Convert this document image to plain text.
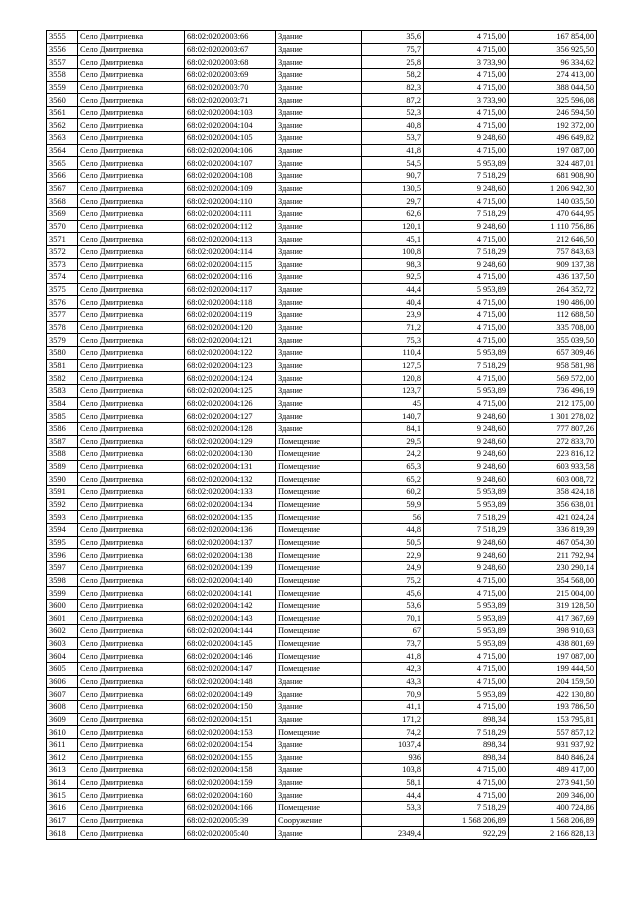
3555	Село Дмитриевка	68:02:0202003:66	Здание	35,6	4 715,00	167 854,00
3556	Село Дмитриевка	68:02:0202003:67	Здание	75,7	4 715,00	356 925,50
3557	Село Дмитриевка	68:02:0202003:68	Здание	25,8	3 733,90	96 334,62
3558	Село Дмитриевка	68:02:0202003:69	Здание	58,2	4 715,00	274 413,00
3559	Село Дмитриевка	68:02:0202003:70	Здание	82,3	4 715,00	388 044,50
3560	Село Дмитриевка	68:02:0202003:71	Здание	87,2	3 733,90	325 596,08
3561	Село Дмитриевка	68:02:0202004:103	Здание	52,3	4 715,00	246 594,50
3562	Село Дмитриевка	68:02:0202004:104	Здание	40,8	4 715,00	192 372,00
3563	Село Дмитриевка	68:02:0202004:105	Здание	53,7	9 248,60	496 649,82
3564	Село Дмитриевка	68:02:0202004:106	Здание	41,8	4 715,00	197 087,00
3565	Село Дмитриевка	68:02:0202004:107	Здание	54,5	5 953,89	324 487,01
3566	Село Дмитриевка	68:02:0202004:108	Здание	90,7	7 518,29	681 908,90
3567	Село Дмитриевка	68:02:0202004:109	Здание	130,5	9 248,60	1 206 942,30
3568	Село Дмитриевка	68:02:0202004:110	Здание	29,7	4 715,00	140 035,50
3569	Село Дмитриевка	68:02:0202004:111	Здание	62,6	7 518,29	470 644,95
3570	Село Дмитриевка	68:02:0202004:112	Здание	120,1	9 248,60	1 110 756,86
3571	Село Дмитриевка	68:02:0202004:113	Здание	45,1	4 715,00	212 646,50
3572	Село Дмитриевка	68:02:0202004:114	Здание	100,8	7 518,29	757 843,63
3573	Село Дмитриевка	68:02:0202004:115	Здание	98,3	9 248,60	909 137,38
3574	Село Дмитриевка	68:02:0202004:116	Здание	92,5	4 715,00	436 137,50
3575	Село Дмитриевка	68:02:0202004:117	Здание	44,4	5 953,89	264 352,72
3576	Село Дмитриевка	68:02:0202004:118	Здание	40,4	4 715,00	190 486,00
3577	Село Дмитриевка	68:02:0202004:119	Здание	23,9	4 715,00	112 688,50
3578	Село Дмитриевка	68:02:0202004:120	Здание	71,2	4 715,00	335 708,00
3579	Село Дмитриевка	68:02:0202004:121	Здание	75,3	4 715,00	355 039,50
3580	Село Дмитриевка	68:02:0202004:122	Здание	110,4	5 953,89	657 309,46
3581	Село Дмитриевка	68:02:0202004:123	Здание	127,5	7 518,29	958 581,98
3582	Село Дмитриевка	68:02:0202004:124	Здание	120,8	4 715,00	569 572,00
3583	Село Дмитриевка	68:02:0202004:125	Здание	123,7	5 953,89	736 496,19
3584	Село Дмитриевка	68:02:0202004:126	Здание	45	4 715,00	212 175,00
3585	Село Дмитриевка	68:02:0202004:127	Здание	140,7	9 248,60	1 301 278,02
3586	Село Дмитриевка	68:02:0202004:128	Здание	84,1	9 248,60	777 807,26
3587	Село Дмитриевка	68:02:0202004:129	Помещение	29,5	9 248,60	272 833,70
3588	Село Дмитриевка	68:02:0202004:130	Помещение	24,2	9 248,60	223 816,12
3589	Село Дмитриевка	68:02:0202004:131	Помещение	65,3	9 248,60	603 933,58
3590	Село Дмитриевка	68:02:0202004:132	Помещение	65,2	9 248,60	603 008,72
3591	Село Дмитриевка	68:02:0202004:133	Помещение	60,2	5 953,89	358 424,18
3592	Село Дмитриевка	68:02:0202004:134	Помещение	59,9	5 953,89	356 638,01
3593	Село Дмитриевка	68:02:0202004:135	Помещение	56	7 518,29	421 024,24
3594	Село Дмитриевка	68:02:0202004:136	Помещение	44,8	7 518,29	336 819,39
3595	Село Дмитриевка	68:02:0202004:137	Помещение	50,5	9 248,60	467 054,30
3596	Село Дмитриевка	68:02:0202004:138	Помещение	22,9	9 248,60	211 792,94
3597	Село Дмитриевка	68:02:0202004:139	Помещение	24,9	9 248,60	230 290,14
3598	Село Дмитриевка	68:02:0202004:140	Помещение	75,2	4 715,00	354 568,00
3599	Село Дмитриевка	68:02:0202004:141	Помещение	45,6	4 715,00	215 004,00
3600	Село Дмитриевка	68:02:0202004:142	Помещение	53,6	5 953,89	319 128,50
3601	Село Дмитриевка	68:02:0202004:143	Помещение	70,1	5 953,89	417 367,69
3602	Село Дмитриевка	68:02:0202004:144	Помещение	67	5 953,89	398 910,63
3603	Село Дмитриевка	68:02:0202004:145	Помещение	73,7	5 953,89	438 801,69
3604	Село Дмитриевка	68:02:0202004:146	Помещение	41,8	4 715,00	197 087,00
3605	Село Дмитриевка	68:02:0202004:147	Помещение	42,3	4 715,00	199 444,50
3606	Село Дмитриевка	68:02:0202004:148	Здание	43,3	4 715,00	204 159,50
3607	Село Дмитриевка	68:02:0202004:149	Здание	70,9	5 953,89	422 130,80
3608	Село Дмитриевка	68:02:0202004:150	Здание	41,1	4 715,00	193 786,50
3609	Село Дмитриевка	68:02:0202004:151	Здание	171,2	898,34	153 795,81
3610	Село Дмитриевка	68:02:0202004:153	Помещение	74,2	7 518,29	557 857,12
3611	Село Дмитриевка	68:02:0202004:154	Здание	1037,4	898,34	931 937,92
3612	Село Дмитриевка	68:02:0202004:155	Здание	936	898,34	840 846,24
3613	Село Дмитриевка	68:02:0202004:158	Здание	103,8	4 715,00	489 417,00
3614	Село Дмитриевка	68:02:0202004:159	Здание	58,1	4 715,00	273 941,50
3615	Село Дмитриевка	68:02:0202004:160	Здание	44,4	4 715,00	209 346,00
3616	Село Дмитриевка	68:02:0202004:166	Помещение	53,3	7 518,29	400 724,86
3617	Село Дмитриевка	68:02:0202005:39	Сооружение		1 568 206,89	1 568 206,89
3618	Село Дмитриевка	68:02:0202005:40	Здание	2349,4	922,29	2 166 828,13
